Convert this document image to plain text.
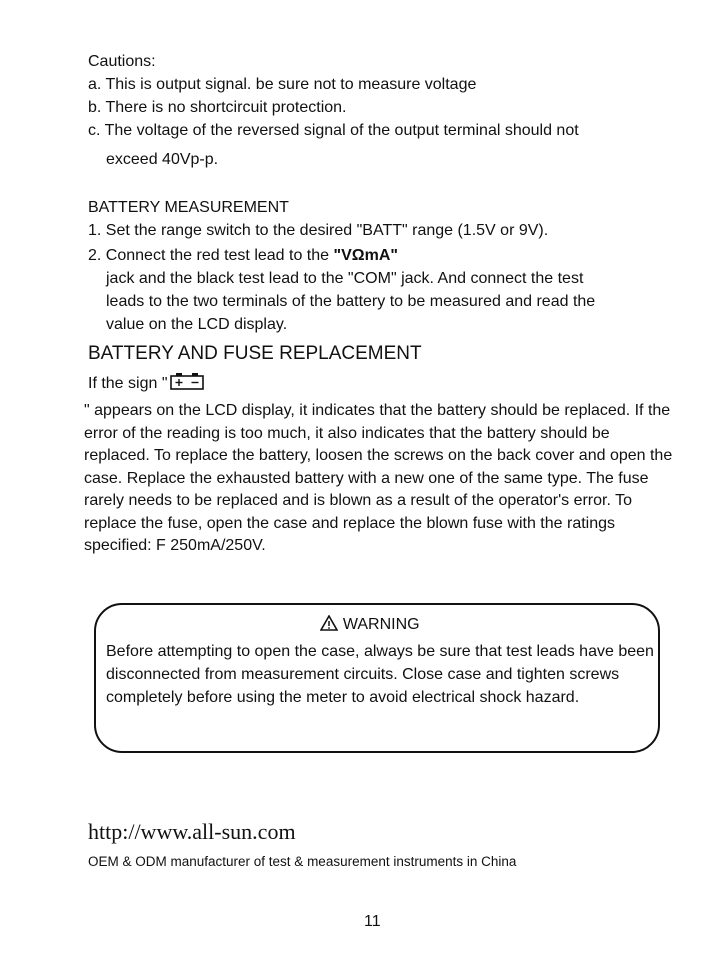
Cautions:
a. This is output signal. be sure not to measure voltage
b. There is no shortcircuit protection.
c. The voltage of the reversed signal of the output terminal should not
exceed 40Vp-p.
BATTERY MEASUREMENT
1. Set the range switch to the desired "BATT" range (1.5V or 9V).
2. Connect the red test lead to the "VΩmA"
jack and the black test lead to the "COM" jack. And connect the test
leads to the two terminals of the battery to be measured and read the
value on the LCD display.
BATTERY AND FUSE REPLACEMENT
If the sign "
" appears on the LCD display, it indicates that the battery should be replaced. If the error of the reading is too much, it also indicates that the battery should be replaced. To replace the battery, loosen the screws on the back cover and open the case. Replace the exhausted battery with a new one of the same type. The fuse rarely needs to be replaced and is blown as a result of the operator's error. To replace the fuse, open the case and replace the blown fuse with the ratings specified: F 250mA/250V.
WARNING
Before attempting to open the case, always be sure that test leads have been disconnected from measurement circuits. Close case and tighten screws completely before using the meter to avoid electrical shock hazard.
http://www.all-sun.com
OEM & ODM manufacturer of test & measurement instruments in China
11
